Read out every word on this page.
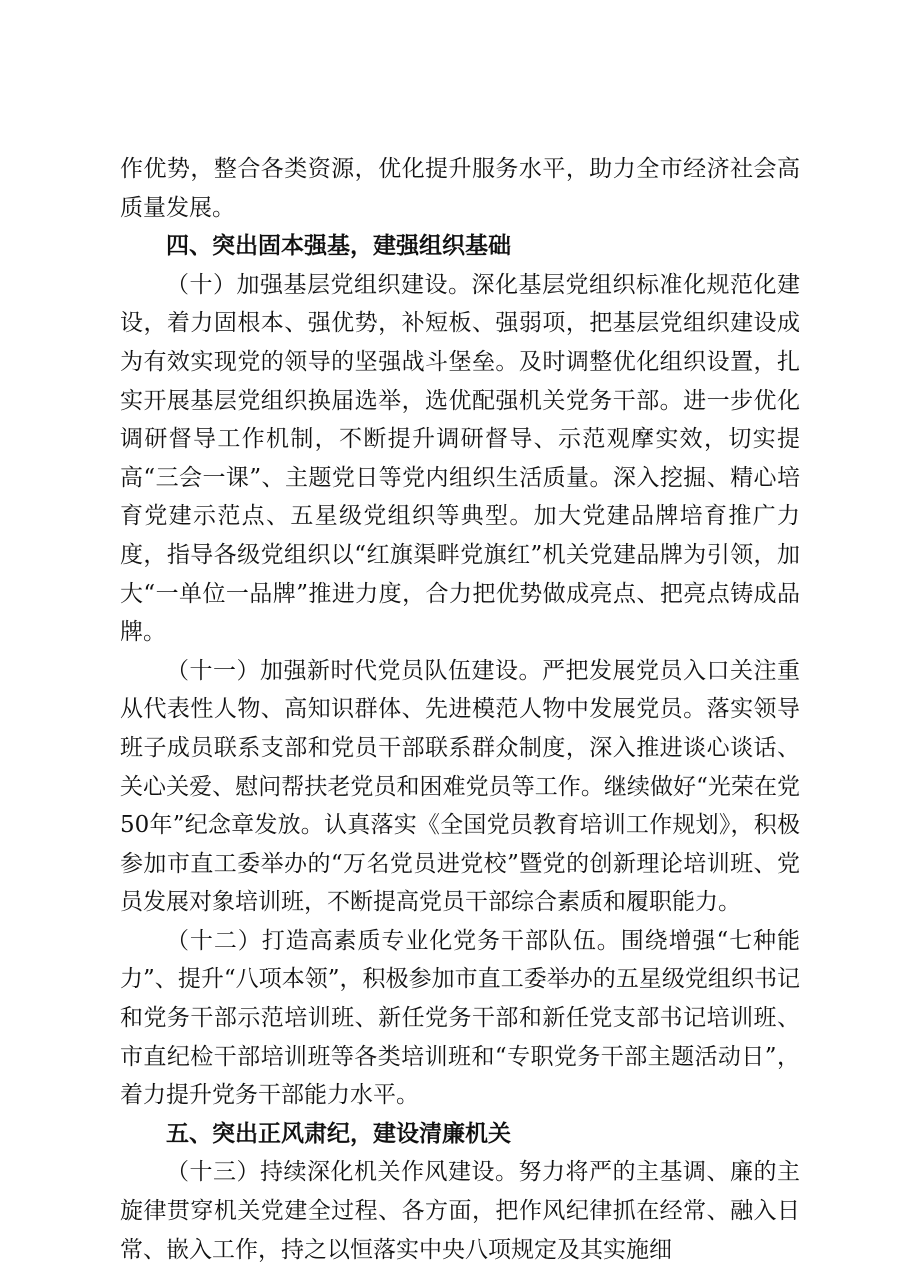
作优势，整合各类资源，优化提升服务水平，助力全市经济社会高质量发展。

四、突出固本强基，建强组织基础

（十）加强基层党组织建设。深化基层党组织标准化规范化建设，着力固根本、强优势，补短板、强弱项，把基层党组织建设成为有效实现党的领导的坚强战斗堡垒。及时调整优化组织设置，扎实开展基层党组织换届选举，选优配强机关党务干部。进一步优化调研督导工作机制，不断提升调研督导、示范观摩实效，切实提高“三会一课”、主题党日等党内组织生活质量。深入挖掘、精心培育党建示范点、五星级党组织等典型。加大党建品牌培育推广力度，指导各级党组织以“红旗渠畔党旗红”机关党建品牌为引领，加大“一单位一品牌”推进力度，合力把优势做成亮点、把亮点铸成品牌。

（十一）加强新时代党员队伍建设。严把发展党员入口关注重从代表性人物、高知识群体、先进模范人物中发展党员。落实领导班子成员联系支部和党员干部联系群众制度，深入推进谈心谈话、关心关爱、慰问帮扶老党员和困难党员等工作。继续做好“光荣在党50年”纪念章发放。认真落实《全国党员教育培训工作规划》，积极参加市直工委举办的“万名党员进党校”暨党的创新理论培训班、党员发展对象培训班，不断提高党员干部综合素质和履职能力。

（十二）打造高素质专业化党务干部队伍。围绕增强“七种能力”、提升“八项本领”，积极参加市直工委举办的五星级党组织书记和党务干部示范培训班、新任党务干部和新任党支部书记培训班、市直纪检干部培训班等各类培训班和“专职党务干部主题活动日”，着力提升党务干部能力水平。

五、突出正风肃纪，建设清廉机关

（十三）持续深化机关作风建设。努力将严的主基调、廉的主旋律贯穿机关党建全过程、各方面，把作风纪律抓在经常、融入日常、嵌入工作，持之以恒落实中央八项规定及其实施细
